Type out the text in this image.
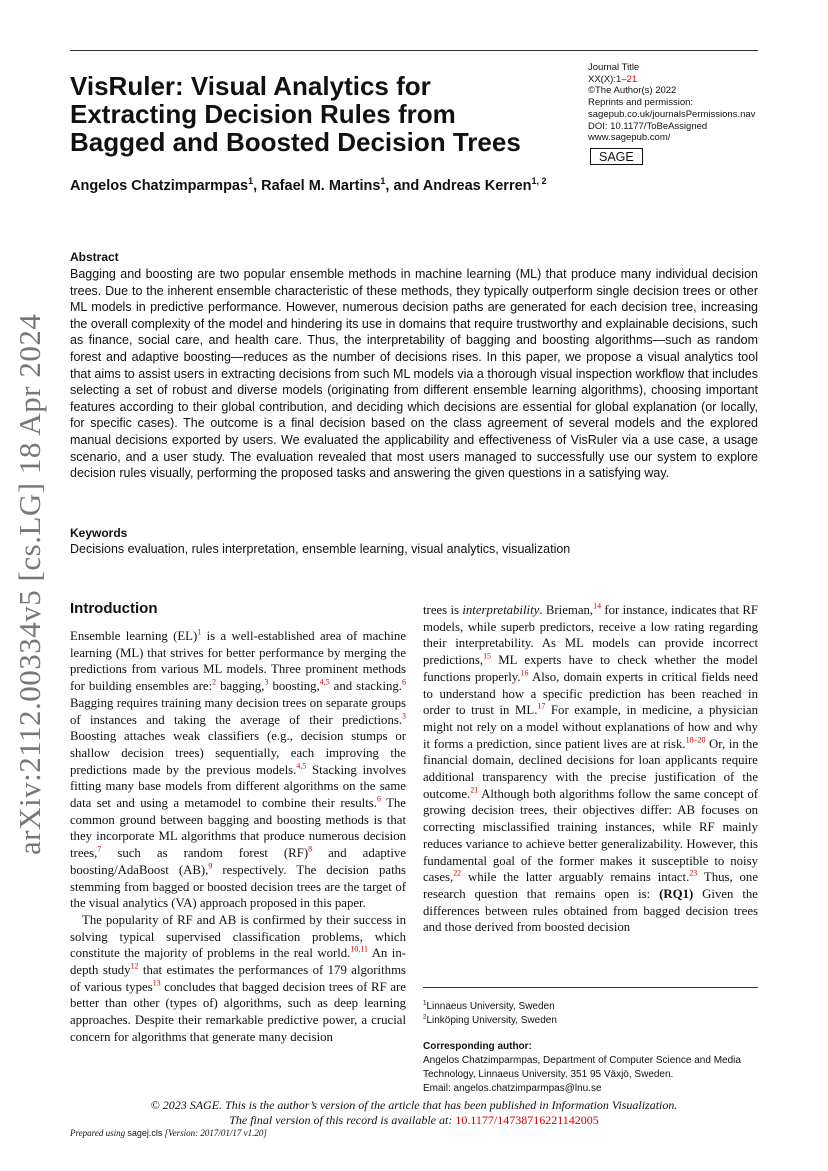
arXiv:2112.00334v5 [cs.LG] 18 Apr 2024
VisRuler: Visual Analytics for Extracting Decision Rules from Bagged and Boosted Decision Trees
Journal Title
XX(X):1–21
©The Author(s) 2022
Reprints and permission:
sagepub.co.uk/journalsPermissions.nav
DOI: 10.1177/ToBeAssigned
www.sagepub.com/
SAGE
Angelos Chatzimparmpas$^1$, Rafael M. Martins$^1$, and Andreas Kerren$^{1, 2}$
Abstract
Bagging and boosting are two popular ensemble methods in machine learning (ML) that produce many individual decision trees. Due to the inherent ensemble characteristic of these methods, they typically outperform single decision trees or other ML models in predictive performance. However, numerous decision paths are generated for each decision tree, increasing the overall complexity of the model and hindering its use in domains that require trustworthy and explainable decisions, such as finance, social care, and health care. Thus, the interpretability of bagging and boosting algorithms—such as random forest and adaptive boosting—reduces as the number of decisions rises. In this paper, we propose a visual analytics tool that aims to assist users in extracting decisions from such ML models via a thorough visual inspection workflow that includes selecting a set of robust and diverse models (originating from different ensemble learning algorithms), choosing important features according to their global contribution, and deciding which decisions are essential for global explanation (or locally, for specific cases). The outcome is a final decision based on the class agreement of several models and the explored manual decisions exported by users. We evaluated the applicability and effectiveness of VisRuler via a use case, a usage scenario, and a user study. The evaluation revealed that most users managed to successfully use our system to explore decision rules visually, performing the proposed tasks and answering the given questions in a satisfying way.
Keywords
Decisions evaluation, rules interpretation, ensemble learning, visual analytics, visualization
Introduction

Ensemble learning (EL)$^1$ is a well-established area of machine learning (ML) that strives for better performance by merging the predictions from various ML models. Three prominent methods for building ensembles are:$^2$ bagging,$^3$ boosting,$^{4,5}$ and stacking.$^6$ Bagging requires training many decision trees on separate groups of instances and taking the average of their predictions.$^3$ Boosting attaches weak classifiers (e.g., decision stumps or shallow decision trees) sequentially, each improving the predictions made by the previous models.$^{4,5}$ Stacking involves fitting many base models from different algorithms on the same data set and using a metamodel to combine their results.$^6$ The common ground between bagging and boosting methods is that they incorporate ML algorithms that produce numerous decision trees,$^7$ such as random forest (RF)$^8$ and adaptive boosting/AdaBoost (AB),$^9$ respectively. The decision paths stemming from bagged or boosted decision trees are the target of the visual analytics (VA) approach proposed in this paper.

The popularity of RF and AB is confirmed by their success in solving typical supervised classification problems, which constitute the majority of problems in the real world.$^{10,11}$ An in-depth study$^{12}$ that estimates the performances of 179 algorithms of various types$^{13}$ concludes that bagged decision trees of RF are better than other (types of) algorithms, such as deep learning approaches. Despite their remarkable predictive power, a crucial concern for algorithms that generate many decision

trees is interpretability. Brieman,$^{14}$ for instance, indicates that RF models, while superb predictors, receive a low rating regarding their interpretability. As ML models can provide incorrect predictions,$^{15}$ ML experts have to check whether the model functions properly.$^{16}$ Also, domain experts in critical fields need to understand how a specific prediction has been reached in order to trust in ML.$^{17}$ For example, in medicine, a physician might not rely on a model without explanations of how and why it forms a prediction, since patient lives are at risk.$^{18-20}$ Or, in the financial domain, declined decisions for loan applicants require additional transparency with the precise justification of the outcome.$^{21}$ Although both algorithms follow the same concept of growing decision trees, their objectives differ: AB focuses on correcting misclassified training instances, while RF mainly reduces variance to achieve better generalizability. However, this fundamental goal of the former makes it susceptible to noisy cases,$^{22}$ while the latter arguably remains intact.$^{23}$ Thus, one research question that remains open is: (RQ1) Given the differences between rules obtained from bagged decision trees and those derived from boosted decision

$^1$Linnaeus University, Sweden
$^2$Linköping University, Sweden
Corresponding author:
Angelos Chatzimparmpas, Department of Computer Science and Media Technology, Linnaeus University, 351 95 Växjö, Sweden.
Email: angelos.chatzimparmpas@lnu.se
© 2023 SAGE. This is the author’s version of the article that has been published in Information Visualization.
The final version of this record is available at: 10.1177/14738716221142005
Prepared using sagej.cls [Version: 2017/01/17 v1.20]
